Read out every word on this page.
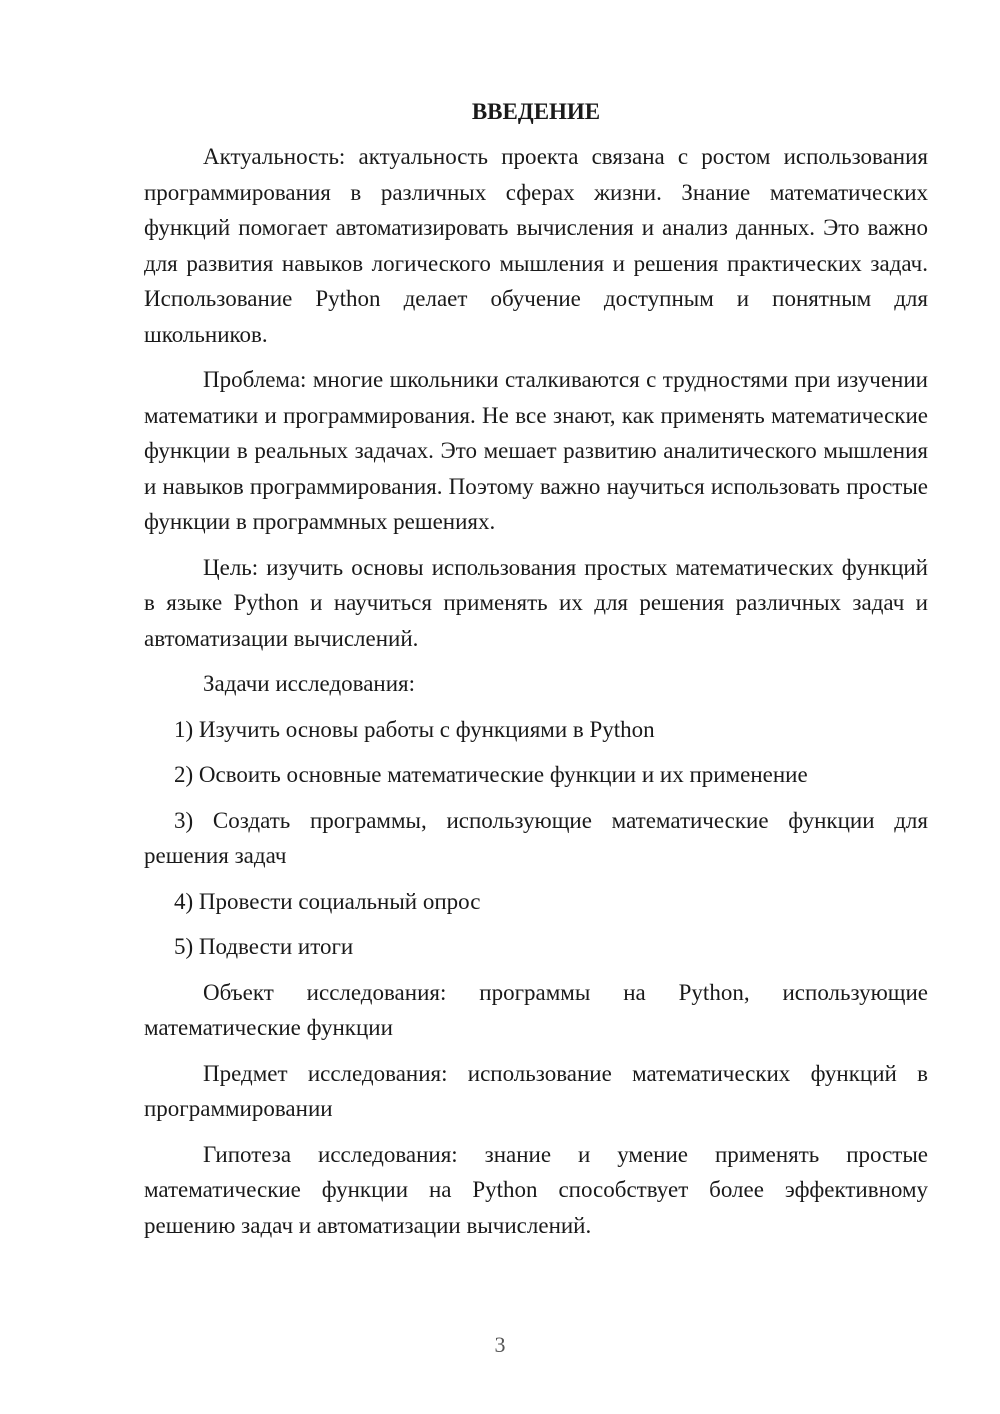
ВВЕДЕНИЕ

Актуальность: актуальность проекта связана с ростом использования программирования в различных сферах жизни. Знание математических функций помогает автоматизировать вычисления и анализ данных. Это важно для развития навыков логического мышления и решения практических задач. Использование Python делает обучение доступным и понятным для школьников.

Проблема: многие школьники сталкиваются с трудностями при изучении математики и программирования. Не все знают, как применять математические функции в реальных задачах. Это мешает развитию аналитического мышления и навыков программирования. Поэтому важно научиться использовать простые функции в программных решениях.

Цель: изучить основы использования простых математических функций в языке Python и научиться применять их для решения различных задач и автоматизации вычислений.

Задачи исследования:

1) Изучить основы работы с функциями в Python

2) Освоить основные математические функции и их применение

3) Создать программы, использующие математические функции для решения задач

4) Провести социальный опрос

5) Подвести итоги

Объект исследования: программы на Python, использующие математические функции

Предмет исследования: использование математических функций в программировании

Гипотеза исследования: знание и умение применять простые математические функции на Python способствует более эффективному решению задач и автоматизации вычислений.

3
